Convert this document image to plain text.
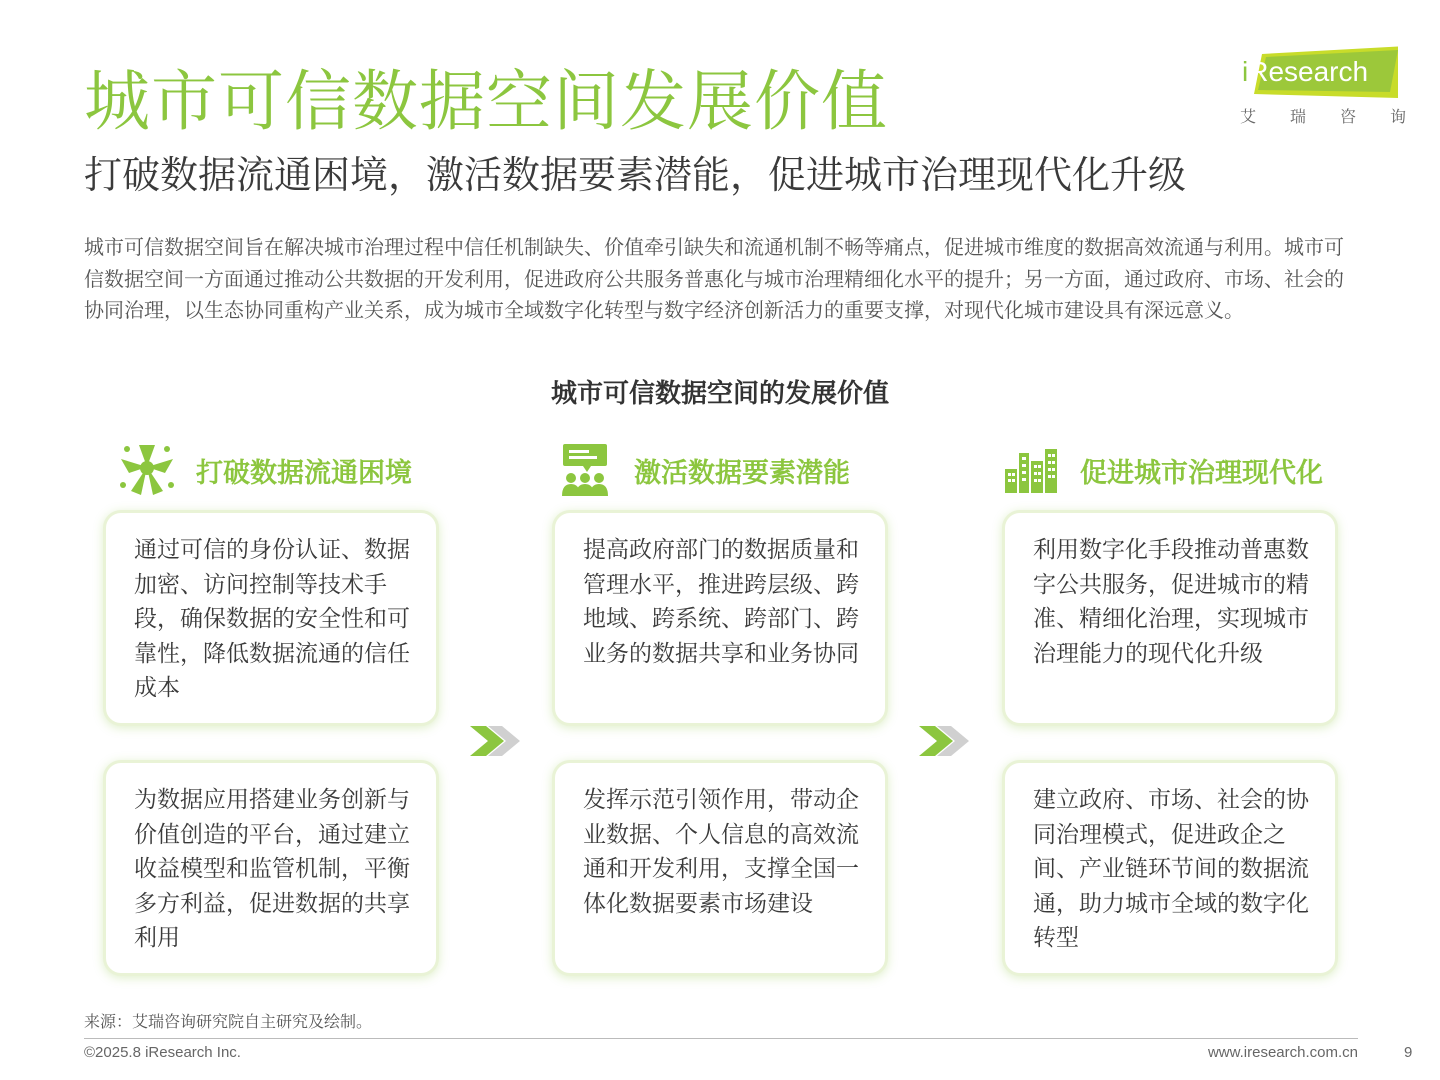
城市可信数据空间发展价值
打破数据流通困境，激活数据要素潜能，促进城市治理现代化升级
iResearch
艾 瑞 咨 询
城市可信数据空间旨在解决城市治理过程中信任机制缺失、价值牵引缺失和流通机制不畅等痛点，促进城市维度的数据高效流通与利用。城市可信数据空间一方面通过推动公共数据的开发利用，促进政府公共服务普惠化与城市治理精细化水平的提升；另一方面，通过政府、市场、社会的协同治理，以生态协同重构产业关系，成为城市全域数字化转型与数字经济创新活力的重要支撑，对现代化城市建设具有深远意义。
城市可信数据空间的发展价值
打破数据流通困境	激活数据要素潜能	促进城市治理现代化
通过可信的身份认证、数据加密、访问控制等技术手段，确保数据的安全性和可靠性，降低数据流通的信任成本
提高政府部门的数据质量和管理水平，推进跨层级、跨地域、跨系统、跨部门、跨业务的数据共享和业务协同
利用数字化手段推动普惠数字公共服务，促进城市的精准、精细化治理，实现城市治理能力的现代化升级
为数据应用搭建业务创新与价值创造的平台，通过建立收益模型和监管机制，平衡多方利益，促进数据的共享利用
发挥示范引领作用，带动企业数据、个人信息的高效流通和开发利用，支撑全国一体化数据要素市场建设
建立政府、市场、社会的协同治理模式，促进政企之间、产业链环节间的数据流通，助力城市全域的数字化转型
来源：艾瑞咨询研究院自主研究及绘制。
©2025.8 iResearch Inc.	www.iresearch.com.cn	9
